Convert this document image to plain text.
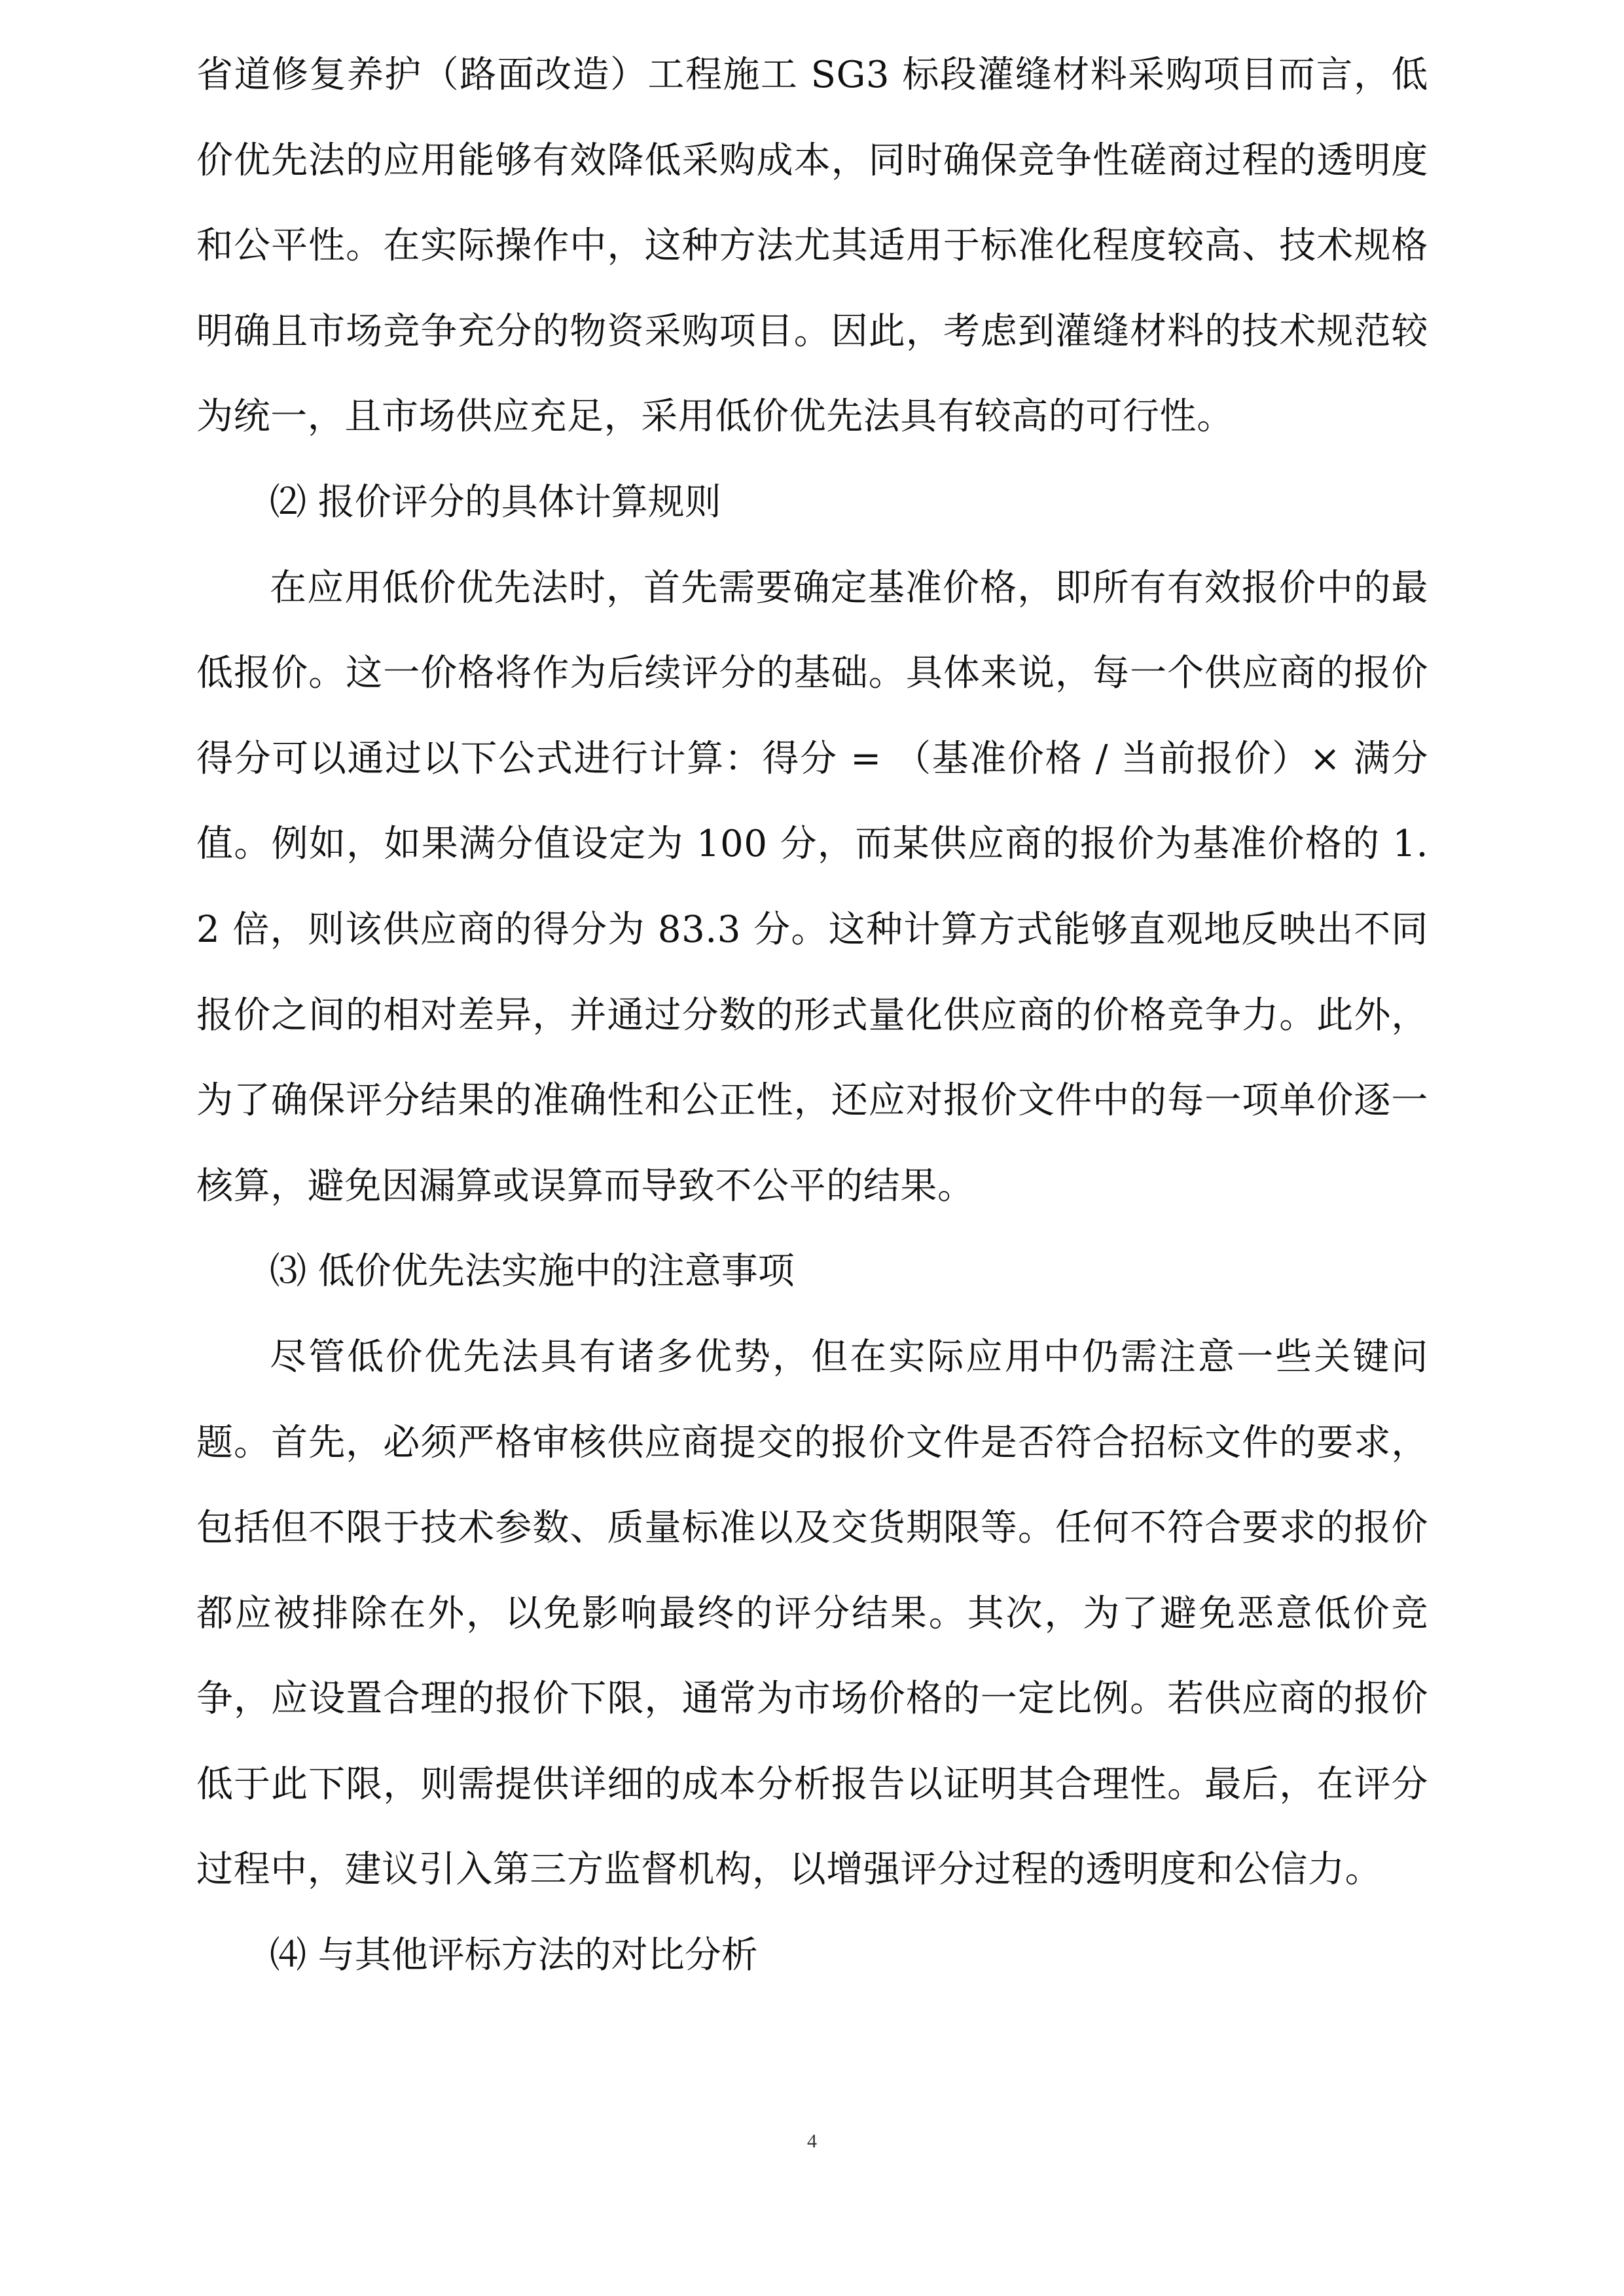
省道修复养护（路面改造）工程施工 SG3 标段灌缝材料采购项目而言，低价优先法的应用能够有效降低采购成本，同时确保竞争性磋商过程的透明度和公平性。在实际操作中，这种方法尤其适用于标准化程度较高、技术规格明确且市场竞争充分的物资采购项目。因此，考虑到灌缝材料的技术规范较为统一，且市场供应充足，采用低价优先法具有较高的可行性。

⑵ 报价评分的具体计算规则

在应用低价优先法时，首先需要确定基准价格，即所有有效报价中的最低报价。这一价格将作为后续评分的基础。具体来说，每一个供应商的报价得分可以通过以下公式进行计算：得分 = （基准价格 / 当前报价）× 满分值。例如，如果满分值设定为 100 分，而某供应商的报价为基准价格的 1.2 倍，则该供应商的得分为 83.3 分。这种计算方式能够直观地反映出不同报价之间的相对差异，并通过分数的形式量化供应商的价格竞争力。此外，为了确保评分结果的准确性和公正性，还应对报价文件中的每一项单价逐一核算，避免因漏算或误算而导致不公平的结果。

⑶ 低价优先法实施中的注意事项

尽管低价优先法具有诸多优势，但在实际应用中仍需注意一些关键问题。首先，必须严格审核供应商提交的报价文件是否符合招标文件的要求，包括但不限于技术参数、质量标准以及交货期限等。任何不符合要求的报价都应被排除在外，以免影响最终的评分结果。其次，为了避免恶意低价竞争，应设置合理的报价下限，通常为市场价格的一定比例。若供应商的报价低于此下限，则需提供详细的成本分析报告以证明其合理性。最后，在评分过程中，建议引入第三方监督机构，以增强评分过程的透明度和公信力。

⑷ 与其他评标方法的对比分析

4
